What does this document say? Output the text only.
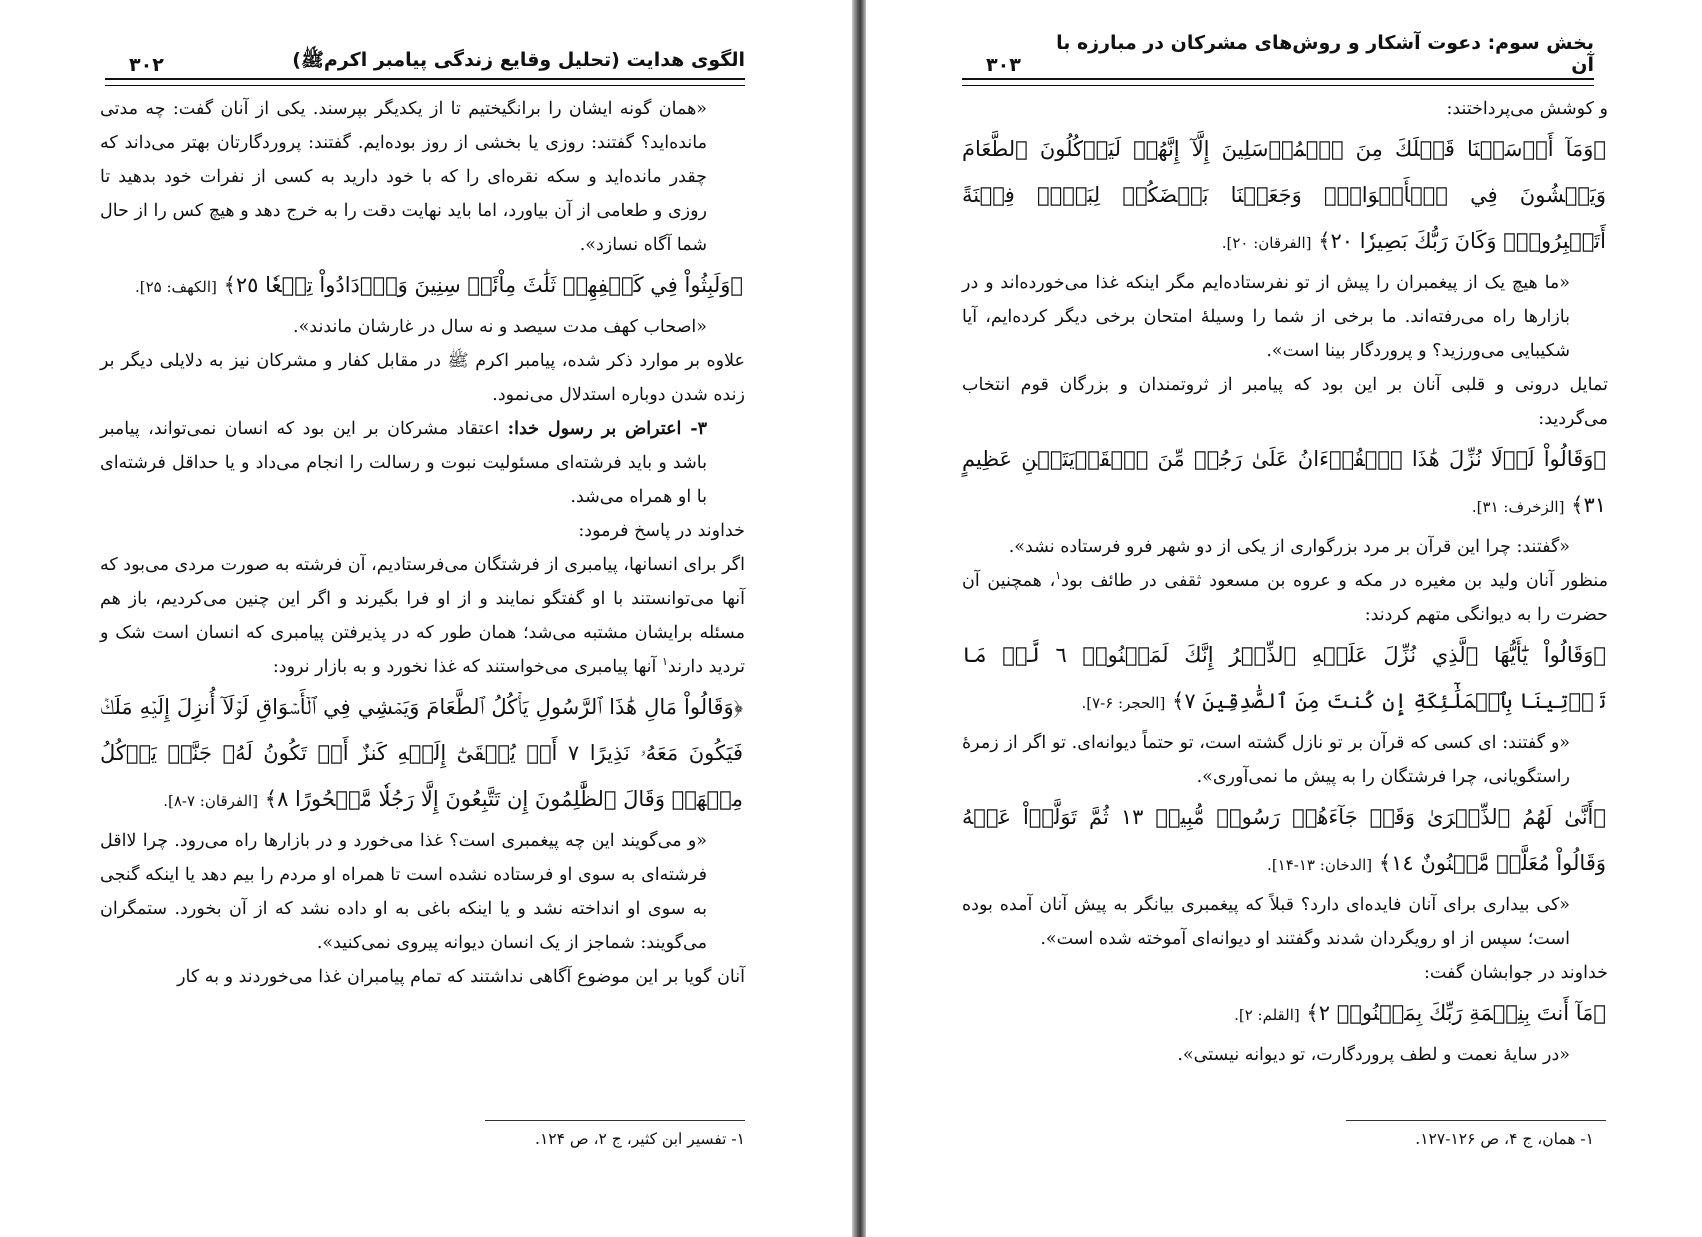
الگوی هدایت (تحلیل وقایع زندگی پیامبر اکرمﷺ)
۳۰۲

«همان گونه ایشان را برانگیختیم تا از یکدیگر بپرسند. یکی از آنان گفت: چه مدتی مانده‌اید؟ گفتند: روزی یا بخشی از روز بوده‌ایم. گفتند: پروردگارتان بهتر می‌داند که چقدر مانده‌اید و سکه نقره‌ای را که با خود دارید به کسی از نفرات خود بدهید تا روزی و طعامی از آن بیاورد، اما باید نهایت دقت را به خرج دهد و هیچ کس را از حال شما آگاه نسازد».

﴿وَلَبِثُواْ فِي كَهۡفِهِمۡ ثَلَٰثَ مِاْئَةٖ سِنِينَ وَٱزۡدَادُواْ تِسۡعٗا ٢٥﴾ [الکهف: ۲۵].

«اصحاب کهف مدت سیصد و نه سال در غارشان ماندند».

علاوه بر موارد ذکر شده، پیامبر اکرم ﷺ در مقابل کفار و مشرکان نیز به دلایلی دیگر بر زنده شدن دوباره استدلال می‌نمود.

۳- اعتراض بر رسول خدا: اعتقاد مشرکان بر این بود که انسان نمی‌تواند، پیامبر باشد و باید فرشته‌ای مسئولیت نبوت و رسالت را انجام می‌داد و یا حداقل فرشته‌ای با او همراه می‌شد.

خداوند در پاسخ فرمود:

اگر برای انسانها، پیامبری از فرشتگان می‌فرستادیم، آن فرشته به صورت مردی می‌بود که آنها می‌توانستند با او گفتگو نمایند و از او فرا بگیرند و اگر این چنین می‌کردیم، باز هم مسئله برایشان مشتبه می‌شد؛ همان طور که در پذیرفتن پیامبری که انسان است شک و تردید دارند$^۱$ آنها پیامبری می‌خواستند که غذا نخورد و به بازار نرود:

﴿وَقَالُواْ مَالِ هَٰذَا ٱلرَّسُولِ يَأۡكُلُ ٱلطَّعَامَ وَيَمۡشِي فِي ٱلۡأَسۡوَاقِ لَوۡلَآ أُنزِلَ إِلَيۡهِ مَلَكٞ فَيَكُونَ مَعَهُۥ نَذِيرًا ٧ أَوۡ يُلۡقَىٰٓ إِلَيۡهِ كَنزٌ أَوۡ تَكُونُ لَهُۥ جَنَّةٞ يَأۡكُلُ مِنۡهَاۚ وَقَالَ ٱلظَّٰلِمُونَ إِن تَتَّبِعُونَ إِلَّا رَجُلٗا مَّسۡحُورًا ٨﴾ [الفرقان: ۷-۸].

«و می‌گویند این چه پیغمبری است؟ غذا می‌خورد و در بازارها راه می‌رود. چرا لااقل فرشته‌ای به سوی او فرستاده نشده است تا همراه او مردم را بیم دهد یا اینکه گنجی به سوی او انداخته نشد و یا اینکه باغی به او داده نشد که از آن بخورد. ستمگران می‌گویند: شماجز از یک انسان دیوانه پیروی نمی‌کنید».

آنان گویا بر این موضوع آگاهی نداشتند که تمام پیامبران غذا می‌خوردند و به کار

۱- تفسیر ابن کثیر، ج ۲، ص ۱۲۴.
بخش سوم: دعوت آشکار و روش‌های مشرکان در مبارزه با آن
۳۰۳

و کوشش می‌پرداختند:

﴿وَمَآ أَرۡسَلۡنَا قَبۡلَكَ مِنَ ٱلۡمُرۡسَلِينَ إِلَّآ إِنَّهُمۡ لَيَأۡكُلُونَ ٱلطَّعَامَ وَيَمۡشُونَ فِي ٱلۡأَسۡوَاقِۗ وَجَعَلۡنَا بَعۡضَكُمۡ لِبَعۡضٖ فِتۡنَةً أَتَصۡبِرُونَۗ وَكَانَ رَبُّكَ بَصِيرٗا ٢٠﴾ [الفرقان: ۲۰].

«ما هیچ یک از پیغمبران را پیش از تو نفرستاده‌ایم مگر اینکه غذا می‌خورده‌اند و در بازارها راه می‌رفته‌اند. ما برخی از شما را وسیلهٔ امتحان برخی دیگر کرده‌ایم، آیا شکیبایی می‌ورزید؟ و پروردگار بینا است».

تمایل درونی و قلبی آنان بر این بود که پیامبر از ثروتمندان و بزرگان قوم انتخاب می‌گردید:

﴿وَقَالُواْ لَوۡلَا نُزِّلَ هَٰذَا ٱلۡقُرۡءَانُ عَلَىٰ رَجُلٖ مِّنَ ٱلۡقَرۡيَتَيۡنِ عَظِيمٍ ٣١﴾ [الزخرف: ۳۱].

«گفتند: چرا این قرآن بر مرد بزرگواری از یکی از دو شهر فرو فرستاده نشد».

منظور آنان ولید بن مغیره در مکه و عروه بن مسعود ثقفی در طائف بود$^۱$، همچنین آن حضرت را به دیوانگی متهم کردند:

﴿وَقَالُواْ يَٰٓأَيُّهَا ٱلَّذِي نُزِّلَ عَلَيۡهِ ٱلذِّكۡرُ إِنَّكَ لَمَجۡنُونٞ ٦ لَّوۡ مَا تَأۡتِينَا بِٱلۡمَلَٰٓئِكَةِ إِن كُنتَ مِنَ ٱلصَّٰدِقِينَ ٧﴾ [الحجر: ۶-۷].

«و گفتند: ای کسی که قرآن بر تو نازل گشته است، تو حتماً دیوانه‌ای. تو اگر از زمرهٔ راستگویانی، چرا فرشتگان را به پیش ما نمی‌آوری».

﴿أَنَّىٰ لَهُمُ ٱلذِّكۡرَىٰ وَقَدۡ جَآءَهُمۡ رَسُولٞ مُّبِينٞ ١٣ ثُمَّ تَوَلَّوۡاْ عَنۡهُ وَقَالُواْ مُعَلَّمٞ مَّجۡنُونٌ ١٤﴾ [الدخان: ۱۳-۱۴].

«کی بیداری برای آنان فایده‌ای دارد؟ قبلاً که پیغمبری بیانگر به پیش آنان آمده بوده است؛ سپس از او رویگردان شدند وگفتند او دیوانه‌ای آموخته شده است».

خداوند در جوابشان گفت:

﴿مَآ أَنتَ بِنِعۡمَةِ رَبِّكَ بِمَجۡنُونٖ ٢﴾ [القلم: ۲].

«در سایهٔ نعمت و لطف پروردگارت، تو دیوانه نیستی».

۱- همان، ج ۴، ص ۱۲۶-۱۲۷.
